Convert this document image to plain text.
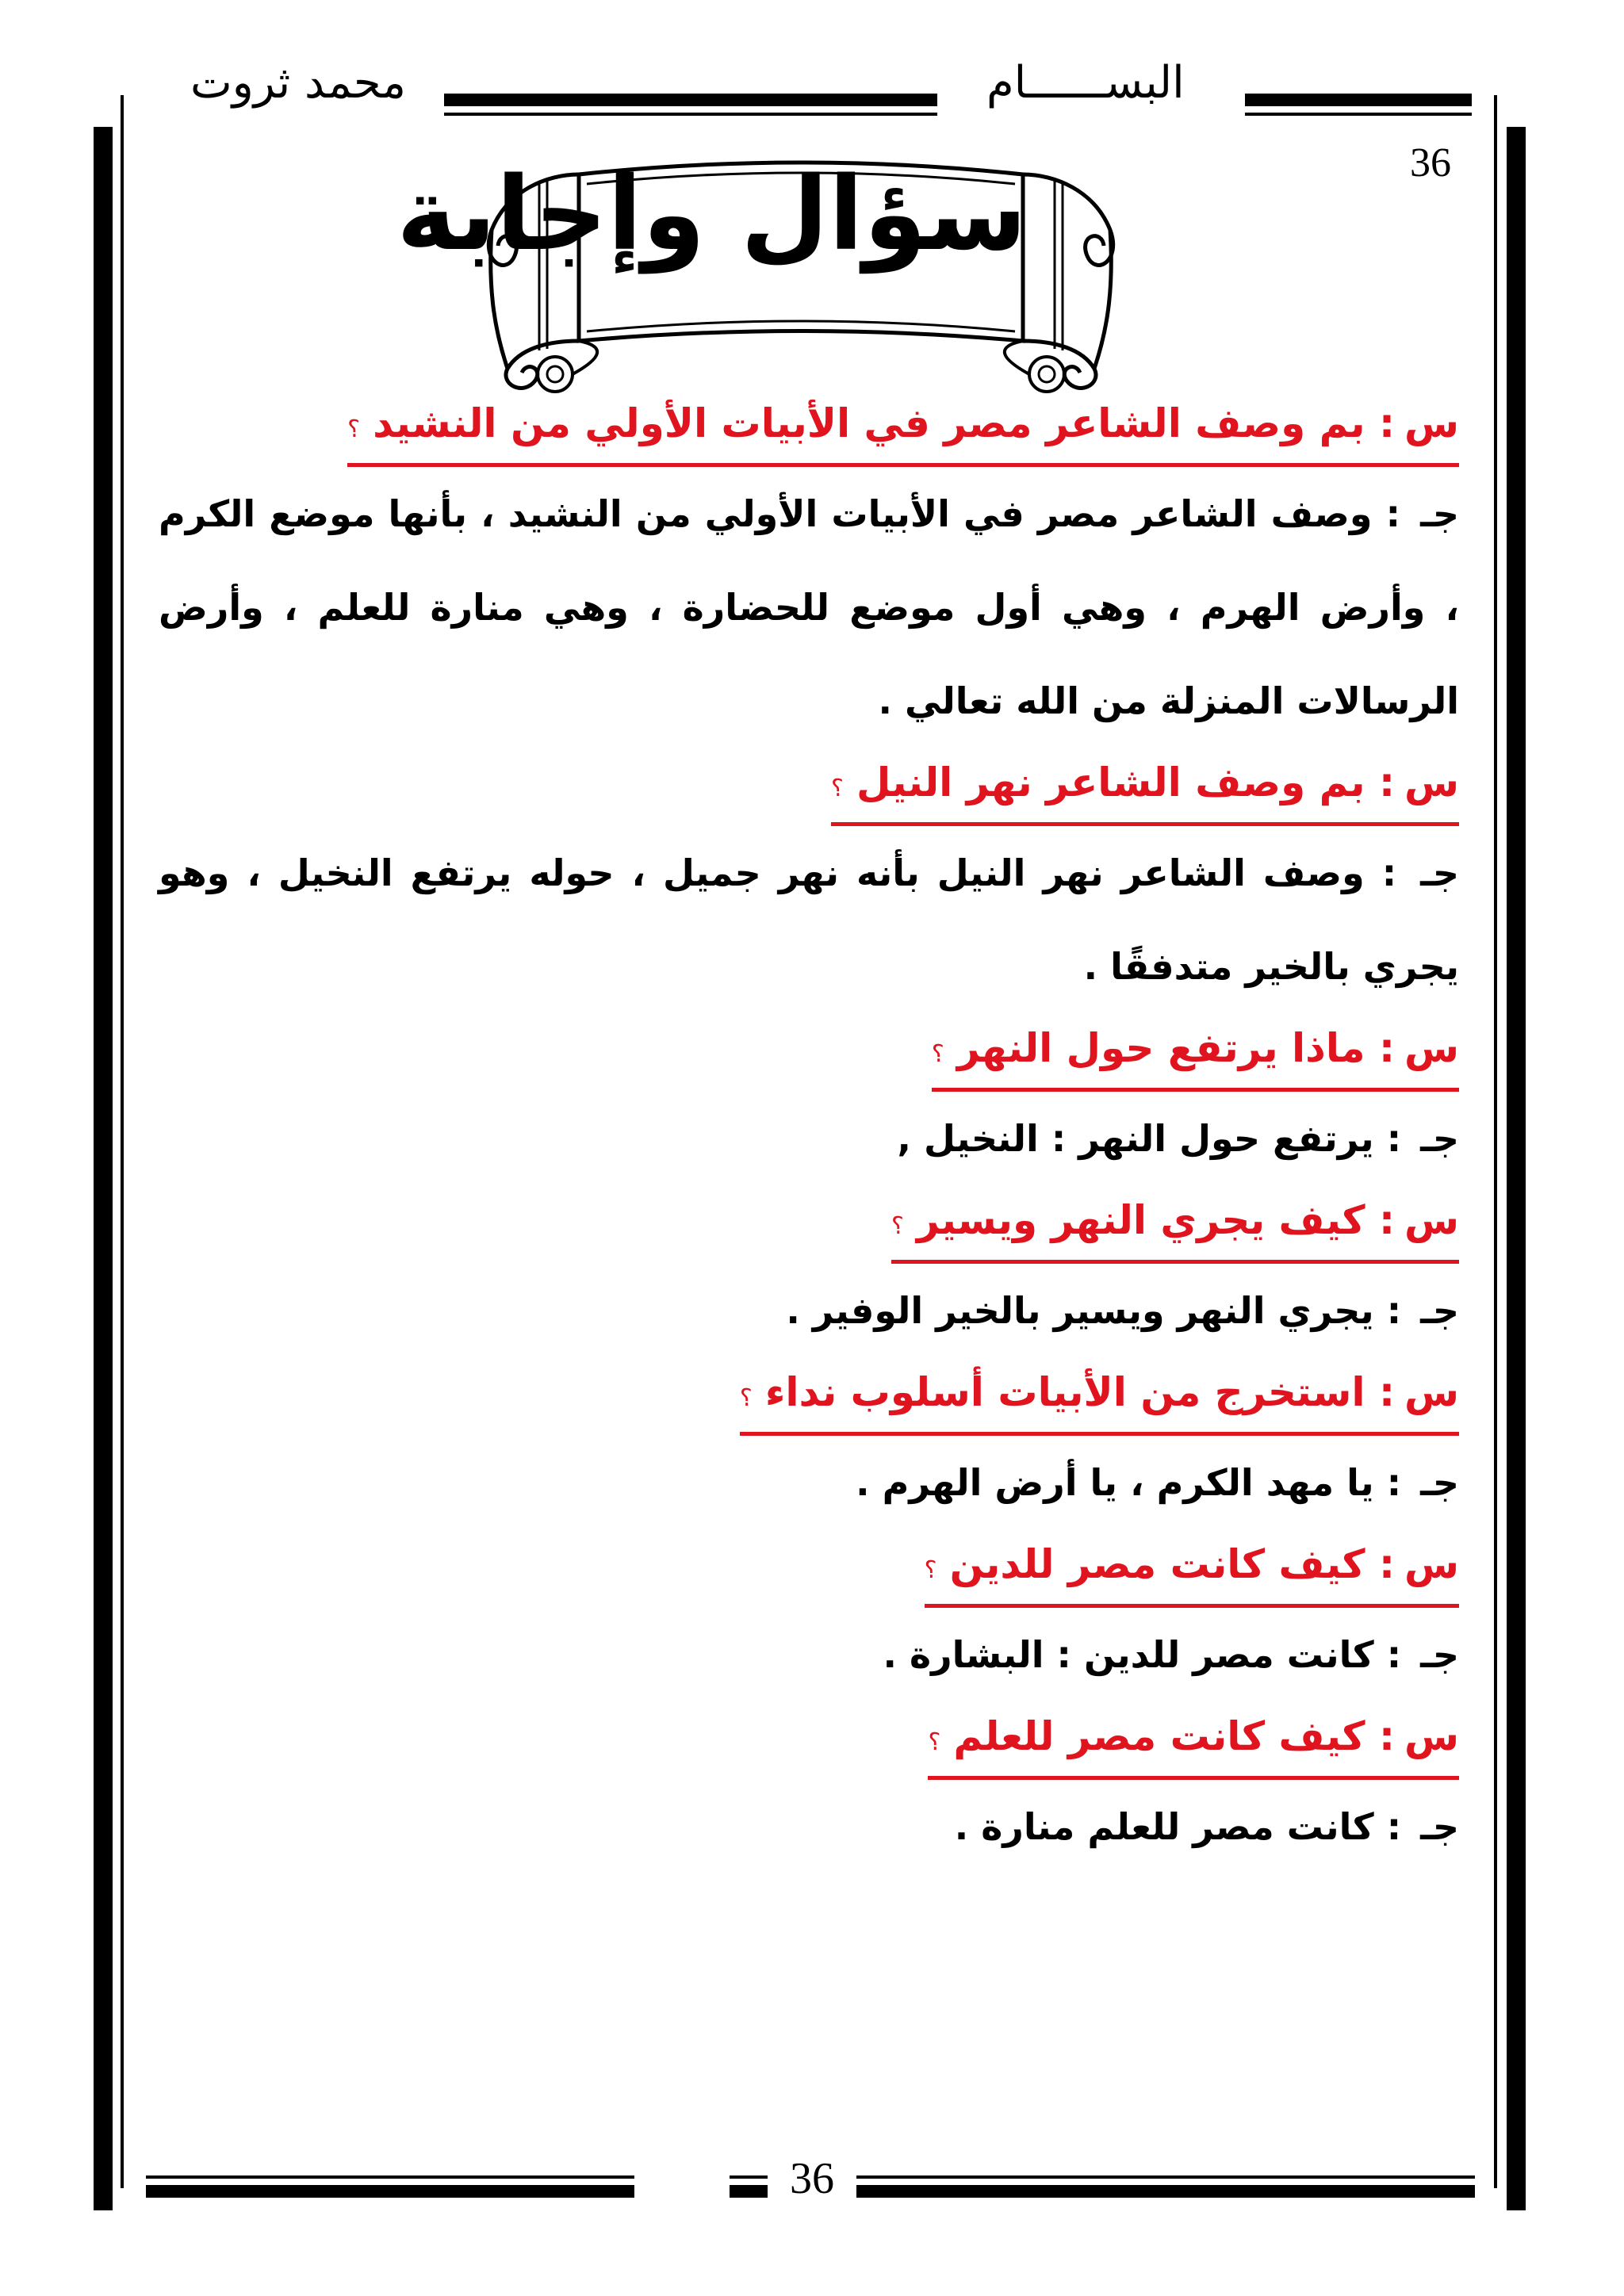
محمد ثروت	البســــــام
36
سؤال وإجابة
س: بم وصف الشاعر مصر في الأبيات الأولي من النشيد؟
جـ : وصف الشاعر مصر في الأبيات الأولي من النشيد ، بأنها موضع الكرم ، وأرض الهرم ، وهي أول موضع للحضارة ، وهي منارة للعلم ، وأرض الرسالات المنزلة من الله تعالي .
س: بم وصف الشاعر نهر النيل؟
جـ : وصف الشاعر نهر النيل بأنه نهر جميل ، حوله يرتفع النخيل ، وهو يجري بالخير متدفقًا .
س: ماذا يرتفع حول النهر؟
جـ : يرتفع حول النهر : النخيل ,
س: كيف يجري النهر ويسير؟
جـ : يجري النهر ويسير بالخير الوفير .
س: استخرج من الأبيات أسلوب نداء؟
جـ : يا مهد الكرم ، يا أرض الهرم .
س: كيف كانت مصر للدين؟
جـ : كانت مصر للدين : البشارة .
س: كيف كانت مصر للعلم؟
جـ : كانت مصر للعلم منارة .
36
